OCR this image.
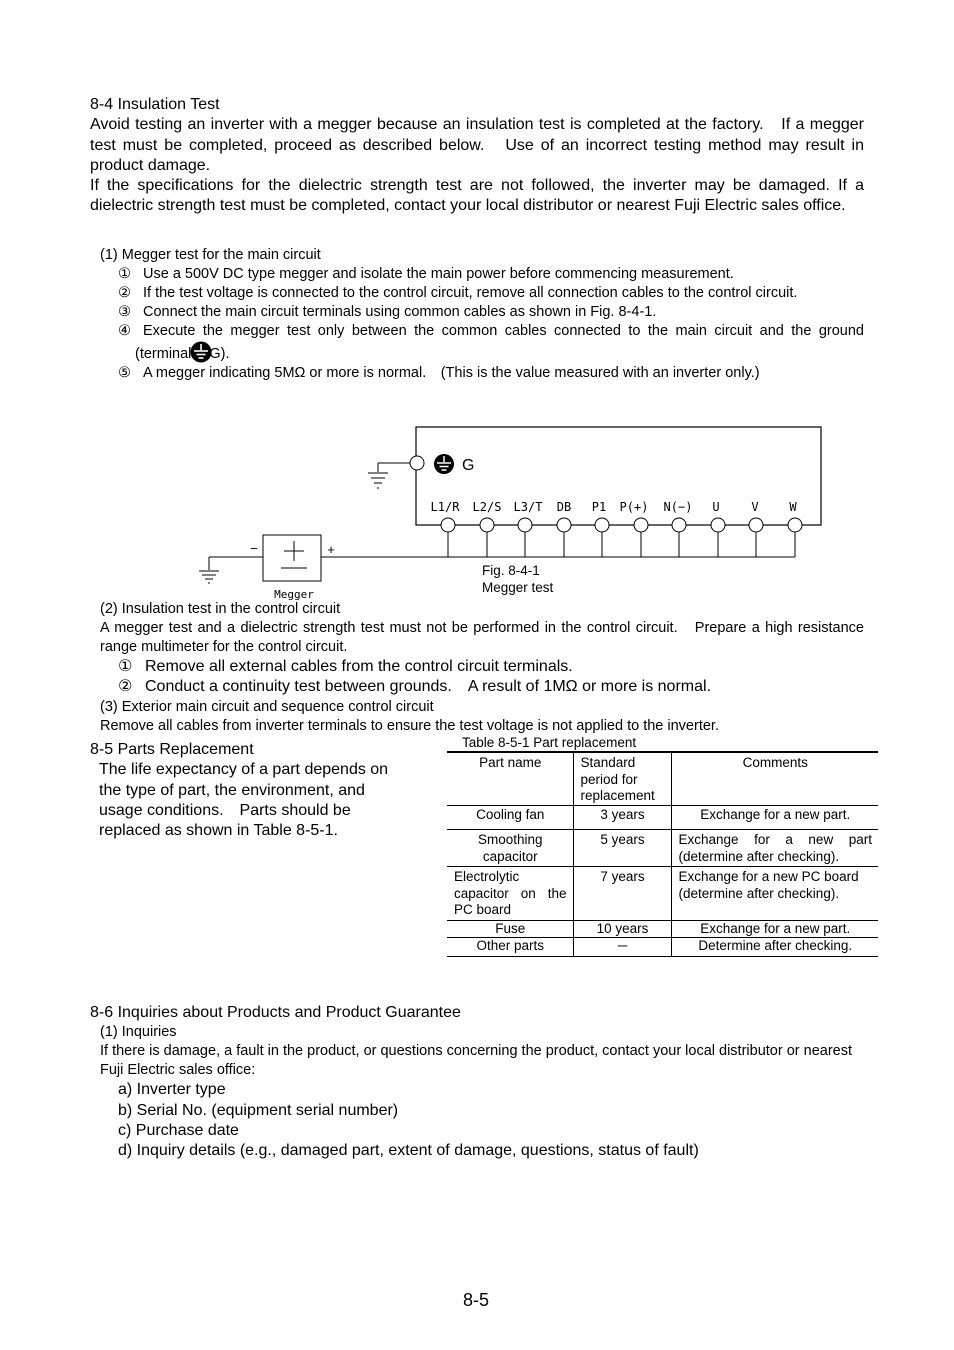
8-4 Insulation Test
Avoid testing an inverter with a megger because an insulation test is completed at the factory.　If a megger test must be completed, proceed as described below.　Use of an incorrect testing method may result in product damage.
If the specifications for the dielectric strength test are not followed, the inverter may be damaged. If a dielectric strength test must be completed, contact your local distributor or nearest Fuji Electric sales office.
(1) Megger test for the main circuit
① Use a 500V DC type megger and isolate the main power before commencing measurement.
② If the test voltage is connected to the control circuit, remove all connection cables to the control circuit.
③ Connect the main circuit terminals using common cables as shown in Fig. 8-4-1.
④ Execute the megger test only between the common cables connected to the main circuit and the ground (terminal G).
⑤ A megger indicating 5MΩ or more is normal.　(This is the value measured with an inverter only.)
G
L1/R L2/S L3/T DB P1 P(+) N(−) U	V	W
−	+
Megger
Fig. 8-4-1
Megger test
(2) Insulation test in the control circuit
A megger test and a dielectric strength test must not be performed in the control circuit.　Prepare a high resistance range multimeter for the control circuit.
① Remove all external cables from the control circuit terminals.
② Conduct a continuity test between grounds.　A result of 1MΩ or more is normal.
(3) Exterior main circuit and sequence control circuit
Remove all cables from inverter terminals to ensure the test voltage is not applied to the inverter.
8-5 Parts Replacement
The life expectancy of a part depends on the type of part, the environment, and usage conditions.　Parts should be replaced as shown in Table 8-5-1.
Table 8-5-1 Part replacement
Part name	Standard period for replacement	Comments
Cooling fan	3 years	Exchange for a new part.
Smoothing capacitor	5 years	Exchange for a new part (determine after checking).
Electrolytic capacitor on the PC board	7 years	Exchange for a new PC board (determine after checking).
Fuse	10 years	Exchange for a new part.
Other parts	─	Determine after checking.
8-6 Inquiries about Products and Product Guarantee
(1) Inquiries
If there is damage, a fault in the product, or questions concerning the product, contact your local distributor or nearest Fuji Electric sales office:
a) Inverter type
b) Serial No. (equipment serial number)
c) Purchase date
d) Inquiry details (e.g., damaged part, extent of damage, questions, status of fault)
8-5
